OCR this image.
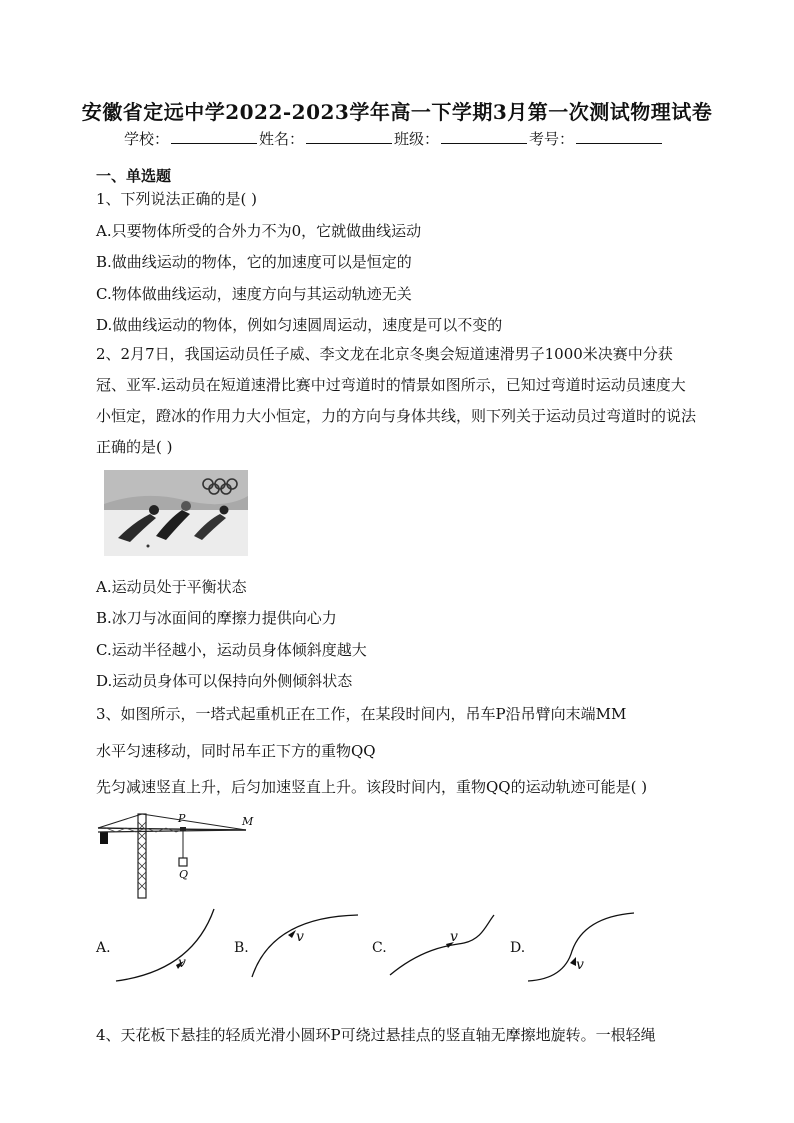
安徽省定远中学2022-2023学年高一下学期3月第一次测试物理试卷
学校：	姓名：	班级：	考号：
一、单选题
1、下列说法正确的是( )
A.只要物体所受的合外力不为0，它就做曲线运动
B.做曲线运动的物体，它的加速度可以是恒定的
C.物体做曲线运动，速度方向与其运动轨迹无关
D.做曲线运动的物体，例如匀速圆周运动，速度是可以不变的
2、2月7日，我国运动员任子威、李文龙在北京冬奥会短道速滑男子1000米决赛中分获冠、亚军.运动员在短道速滑比赛中过弯道时的情景如图所示，已知过弯道时运动员速度大小恒定，蹬冰的作用力大小恒定，力的方向与身体共线，则下列关于运动员过弯道时的说法正确的是( )
A.运动员处于平衡状态
B.冰刀与冰面间的摩擦力提供向心力
C.运动半径越小，运动员身体倾斜度越大
D.运动员身体可以保持向外侧倾斜状态
3、如图所示，一塔式起重机正在工作，在某段时间内，吊车P沿吊臂向末端MM
水平匀速移动，同时吊车正下方的重物QQ
先匀减速竖直上升，后匀加速竖直上升。该段时间内，重物QQ的运动轨迹可能是( )
P	M
Q
A.
v
B.
v
C.
v
D.
v
4、天花板下悬挂的轻质光滑小圆环P可绕过悬挂点的竖直轴无摩擦地旋转。一根轻绳
